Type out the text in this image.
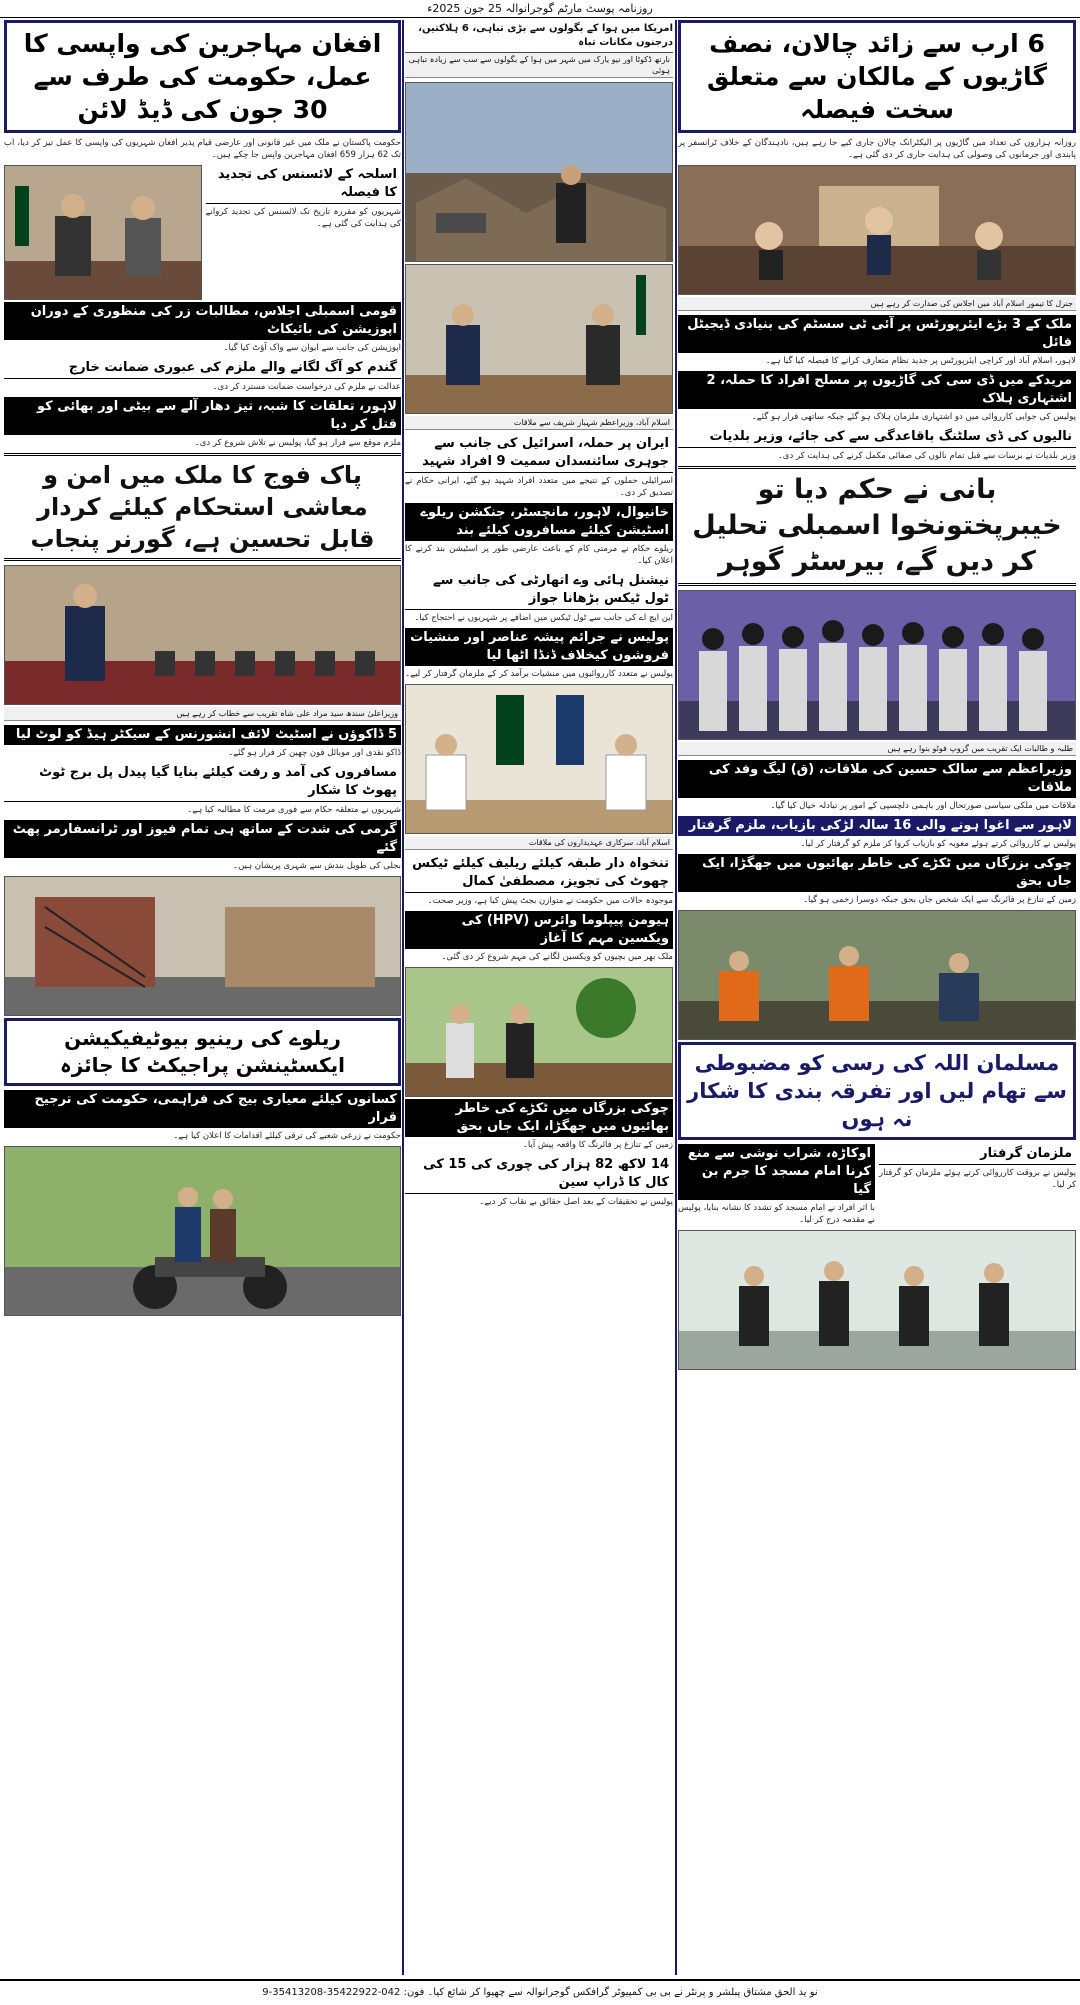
روزنامہ پوسٹ مارٹم گوجرانوالہ 25 جون 2025ء
6 ارب سے زائد چالان، نصف گاڑیوں کے مالکان سے متعلق سخت فیصلہ

روزانہ ہزاروں کی تعداد میں گاڑیوں پر الیکٹرانک چالان جاری کیے جا رہے ہیں، نادہندگان کے خلاف ٹرانسفر پر پابندی اور جرمانوں کی وصولی کی ہدایت جاری کر دی گئی ہے۔

جنرل کا تیمور اسلام آباد میں اجلاس کی صدارت کر رہے ہیں
ملک کے 3 بڑے ایئرپورٹس پر آئی ٹی سسٹم کی بنیادی ڈیجیٹل فائل

لاہور، اسلام آباد اور کراچی ایئرپورٹس پر جدید نظام متعارف کرانے کا فیصلہ کیا گیا ہے۔

مریدکے میں ڈی سی کی گاڑیوں پر مسلح افراد کا حملہ، 2 اشتہاری ہلاک

پولیس کی جوابی کارروائی میں دو اشتہاری ملزمان ہلاک ہو گئے جبکہ ساتھی فرار ہو گئے۔

نالیوں کی ڈی سلٹنگ باقاعدگی سے کی جائے، وزیر بلدیات

وزیر بلدیات نے برسات سے قبل تمام نالوں کی صفائی مکمل کرنے کی ہدایت کر دی۔

بانی نے حکم دیا تو خیبرپختونخوا اسمبلی تحلیل کر دیں گے، بیرسٹر گوہر
طلبہ و طالبات ایک تقریب میں گروپ فوٹو بنوا رہے ہیں
وزیراعظم سے سالک حسین کی ملاقات، (ق) لیگ وفد کی ملاقات

ملاقات میں ملکی سیاسی صورتحال اور باہمی دلچسپی کے امور پر تبادلہ خیال کیا گیا۔

لاہور سے اغوا ہونے والی 16 سالہ لڑکی بازیاب، ملزم گرفتار

پولیس نے کارروائی کرتے ہوئے مغویہ کو بازیاب کروا کر ملزم کو گرفتار کر لیا۔

چوکی بزرگاں میں ٹکڑے کی خاطر بھائیوں میں جھگڑا، ایک جاں بحق

زمین کے تنازع پر فائرنگ سے ایک شخص جاں بحق جبکہ دوسرا زخمی ہو گیا۔

مسلمان اللہ کی رسی کو مضبوطی سے تھام لیں اور تفرقہ بندی کا شکار نہ ہوں
ملزمان گرفتار

پولیس نے بروقت کارروائی کرتے ہوئے ملزمان کو گرفتار کر لیا۔

اوکاڑہ، شراب نوشی سے منع کرنا امام مسجد کا جرم بن گیا

با اثر افراد نے امام مسجد کو تشدد کا نشانہ بنایا، پولیس نے مقدمہ درج کر لیا۔

امریکا میں ہوا کے بگولوں سے بڑی تباہی، 6 ہلاکتیں، درجنوں مکانات تباہ
نارتھ ڈکوٹا اور نیو یارک میں شہر میں ہوا کے بگولوں سے سب سے زیادہ تباہی ہوئی
اسلام آباد، وزیراعظم شہباز شریف سے ملاقات
ایران پر حملہ، اسرائیل کی جانب سے جوہری سائنسدان سمیت 9 افراد شہید

اسرائیلی حملوں کے نتیجے میں متعدد افراد شہید ہو گئے، ایرانی حکام نے تصدیق کر دی۔

خانیوال، لاہور، مانچسٹر، جنکشن ریلوے اسٹیشن کیلئے مسافروں کیلئے بند

ریلوے حکام نے مرمتی کام کے باعث عارضی طور پر اسٹیشن بند کرنے کا اعلان کیا۔

نیشنل ہائی وے اتھارٹی کی جانب سے ٹول ٹیکس بڑھانا جواز

این ایچ اے کی جانب سے ٹول ٹیکس میں اضافے پر شہریوں نے احتجاج کیا۔

پولیس نے جرائم پیشہ عناصر اور منشیات فروشوں کیخلاف ڈنڈا اٹھا لیا

پولیس نے متعدد کارروائیوں میں منشیات برآمد کر کے ملزمان گرفتار کر لیے۔

اسلام آباد، سرکاری عہدیداروں کی ملاقات
تنخواہ دار طبقہ کیلئے ریلیف کیلئے ٹیکس چھوٹ کی تجویز، مصطفیٰ کمال

موجودہ حالات میں حکومت نے متوازن بجٹ پیش کیا ہے، وزیر صحت۔

ہیومن پیپلوما وائرس (HPV) کی ویکسین مہم کا آغاز

ملک بھر میں بچیوں کو ویکسین لگانے کی مہم شروع کر دی گئی۔

چوکی بزرگاں میں ٹکڑے کی خاطر بھائیوں میں جھگڑا، ایک جاں بحق

زمین کے تنازع پر فائرنگ کا واقعہ پیش آیا۔

14 لاکھ 82 ہزار کی چوری کی 15 کی کال کا ڈراپ سین

پولیس نے تحقیقات کے بعد اصل حقائق بے نقاب کر دیے۔

افغان مہاجرین کی واپسی کا عمل، حکومت کی طرف سے 30 جون کی ڈیڈ لائن

حکومت پاکستان نے ملک میں غیر قانونی اور عارضی قیام پذیر افغان شہریوں کی واپسی کا عمل تیز کر دیا، اب تک 62 ہزار 659 افغان مہاجرین واپس جا چکے ہیں۔

اسلحہ کے لائسنس کی تجدید کا فیصلہ

شہریوں کو مقررہ تاریخ تک لائسنس کی تجدید کروانے کی ہدایت کی گئی ہے۔

قومی اسمبلی اجلاس، مطالبات زر کی منظوری کے دوران اپوزیشن کی بائیکاٹ

اپوزیشن کی جانب سے ایوان سے واک آؤٹ کیا گیا۔

گندم کو آگ لگانے والے ملزم کی عبوری ضمانت خارج

عدالت نے ملزم کی درخواست ضمانت مسترد کر دی۔

لاہور، تعلقات کا شبہ، تیز دھار آلے سے بیٹی اور بھائی کو قتل کر دیا

ملزم موقع سے فرار ہو گیا، پولیس نے تلاش شروع کر دی۔

پاک فوج کا ملک میں امن و معاشی استحکام کیلئے کردار قابل تحسین ہے، گورنر پنجاب
وزیراعلیٰ سندھ سید مراد علی شاہ تقریب سے خطاب کر رہے ہیں
5 ڈاکوؤں نے اسٹیٹ لائف انشورنس کے سیکٹر ہیڈ کو لوٹ لیا

ڈاکو نقدی اور موبائل فون چھین کر فرار ہو گئے۔

مسافروں کی آمد و رفت کیلئے بنایا گیا پیدل پل برج ٹوٹ پھوٹ کا شکار

شہریوں نے متعلقہ حکام سے فوری مرمت کا مطالبہ کیا ہے۔

گرمی کی شدت کے ساتھ ہی تمام فیوز اور ٹرانسفارمر پھٹ گئے

بجلی کی طویل بندش سے شہری پریشان ہیں۔

ریلوے کی رینیو بیوٹیفیکیشن ایکسٹینشن پراجیکٹ کا جائزہ
کسانوں کیلئے معیاری بیج کی فراہمی، حکومت کی ترجیح قرار

حکومت نے زرعی شعبے کی ترقی کیلئے اقدامات کا اعلان کیا ہے۔

نو ید الحق مشتاق پبلشر و پرنٹر نے بی بی کمپیوٹر گرافکس گوجرانوالہ سے چھپوا کر شائع کیا۔ فون: 042-35422922-35413208-9
